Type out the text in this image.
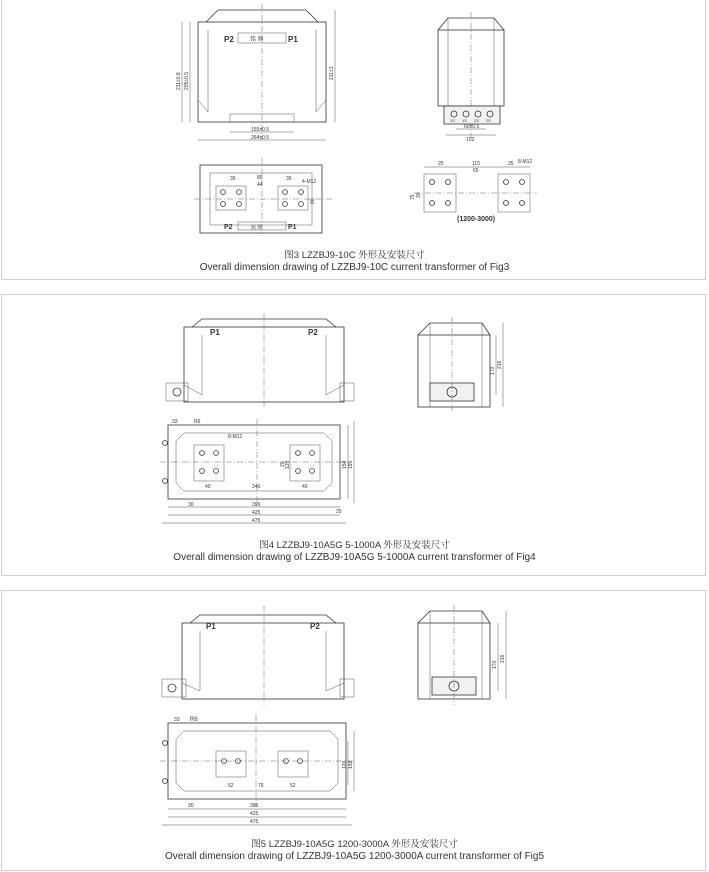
P2	P1
铭 牌
211±0.8 205±0.5	211±1
155±0.5
264±0.5
1S 1S 2S 2S
60±0.5
102
P2	P1
铭 牌
35	85
44
35 4-M12
80
25	115	25 8-M12
65
75 30
(1200-3000)
图3 LZZBJ9-10C 外形及安装尺寸
Overall dimension drawing of LZZBJ9-10C current transformer of Fig3
P1	P2
170
216
33	R6
8-M12
40	240	40
20 120	158 195
30	395
25
425
475
图4 LZZBJ9-10A5G 5-1000A 外形及安装尺寸
Overall dimension drawing of LZZBJ9-10A5G 5-1000A current transformer of Fig4
P1	P2
170
216
33 R6
52	76	52
120 158
30	395
425
475
图5 LZZBJ9-10A5G 1200-3000A 外形及安装尺寸
Overall dimension drawing of LZZBJ9-10A5G 1200-3000A current transformer of Fig5
